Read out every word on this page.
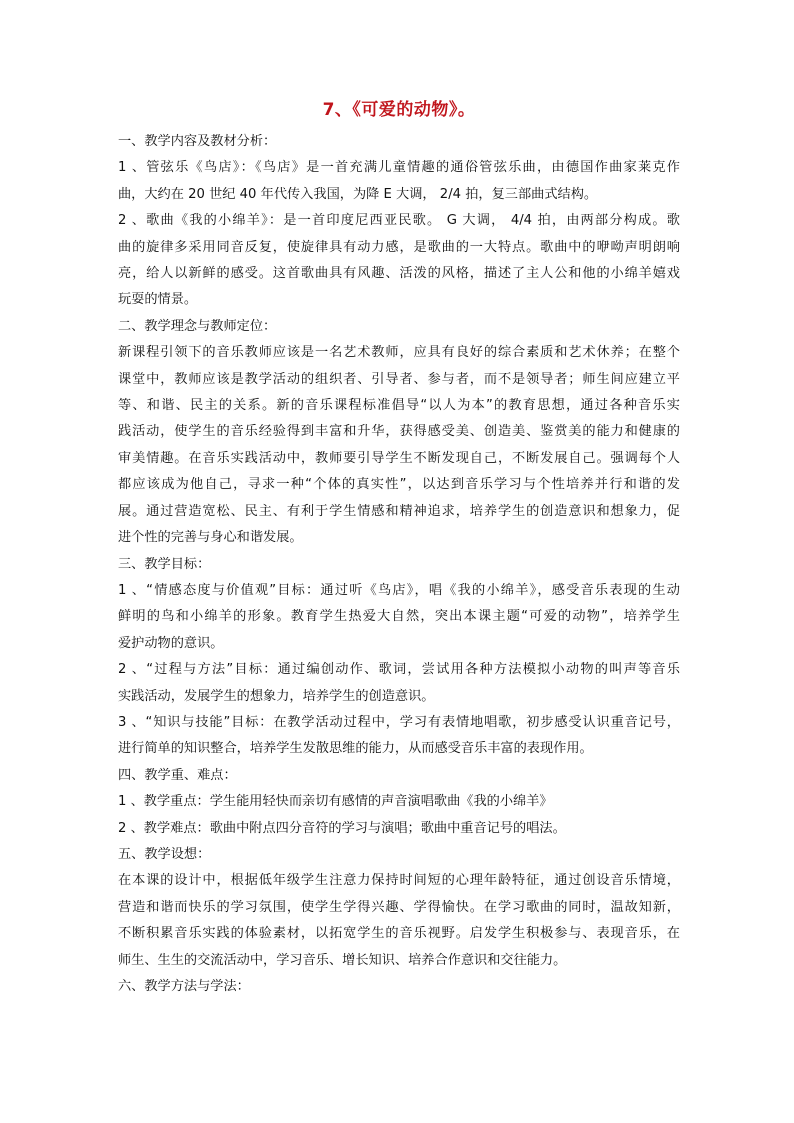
7、《可爱的动物》。
一、教学内容及教材分析：
1 、管弦乐《鸟店》：《鸟店》是一首充满儿童情趣的通俗管弦乐曲，由德国作曲家莱克作
曲，大约在 20 世纪 40 年代传入我国，为降 E 大调， 2/4 拍，复三部曲式结构。
2 、歌曲《我的小绵羊》：是一首印度尼西亚民歌。 G 大调， 4/4 拍，由两部分构成。歌
曲的旋律多采用同音反复，使旋律具有动力感，是歌曲的一大特点。歌曲中的咿呦声明朗响
亮，给人以新鲜的感受。这首歌曲具有风趣、活泼的风格，描述了主人公和他的小绵羊嬉戏
玩耍的情景。
二、教学理念与教师定位：
新课程引领下的音乐教师应该是一名艺术教师，应具有良好的综合素质和艺术休养；在整个
课堂中，教师应该是教学活动的组织者、引导者、参与者，而不是领导者；师生间应建立平
等、和谐、民主的关系。新的音乐课程标准倡导“以人为本”的教育思想，通过各种音乐实
践活动，使学生的音乐经验得到丰富和升华，获得感受美、创造美、鉴赏美的能力和健康的
审美情趣。在音乐实践活动中，教师要引导学生不断发现自己，不断发展自己。强调每个人
都应该成为他自己，寻求一种“个体的真实性”，以达到音乐学习与个性培养并行和谐的发
展。通过营造宽松、民主、有利于学生情感和精神追求，培养学生的创造意识和想象力，促
进个性的完善与身心和谐发展。
三、教学目标：
1 、“情感态度与价值观”目标：通过听《鸟店》，唱《我的小绵羊》，感受音乐表现的生动
鲜明的鸟和小绵羊的形象。教育学生热爱大自然，突出本课主题“可爱的动物”，培养学生
爱护动物的意识。
2 、“过程与方法”目标：通过编创动作、歌词，尝试用各种方法模拟小动物的叫声等音乐
实践活动，发展学生的想象力，培养学生的创造意识。
3 、“知识与技能”目标：在教学活动过程中，学习有表情地唱歌，初步感受认识重音记号，
进行简单的知识整合，培养学生发散思维的能力，从而感受音乐丰富的表现作用。
四、教学重、难点：
1 、教学重点：学生能用轻快而亲切有感情的声音演唱歌曲《我的小绵羊》
2 、教学难点：歌曲中附点四分音符的学习与演唱；歌曲中重音记号的唱法。
五、教学设想：
在本课的设计中，根据低年级学生注意力保持时间短的心理年龄特征，通过创设音乐情境，
营造和谐而快乐的学习氛围，使学生学得兴趣、学得愉快。在学习歌曲的同时，温故知新，
不断积累音乐实践的体验素材，以拓宽学生的音乐视野。启发学生积极参与、表现音乐，在
师生、生生的交流活动中，学习音乐、增长知识、培养合作意识和交往能力。
六、教学方法与学法：
